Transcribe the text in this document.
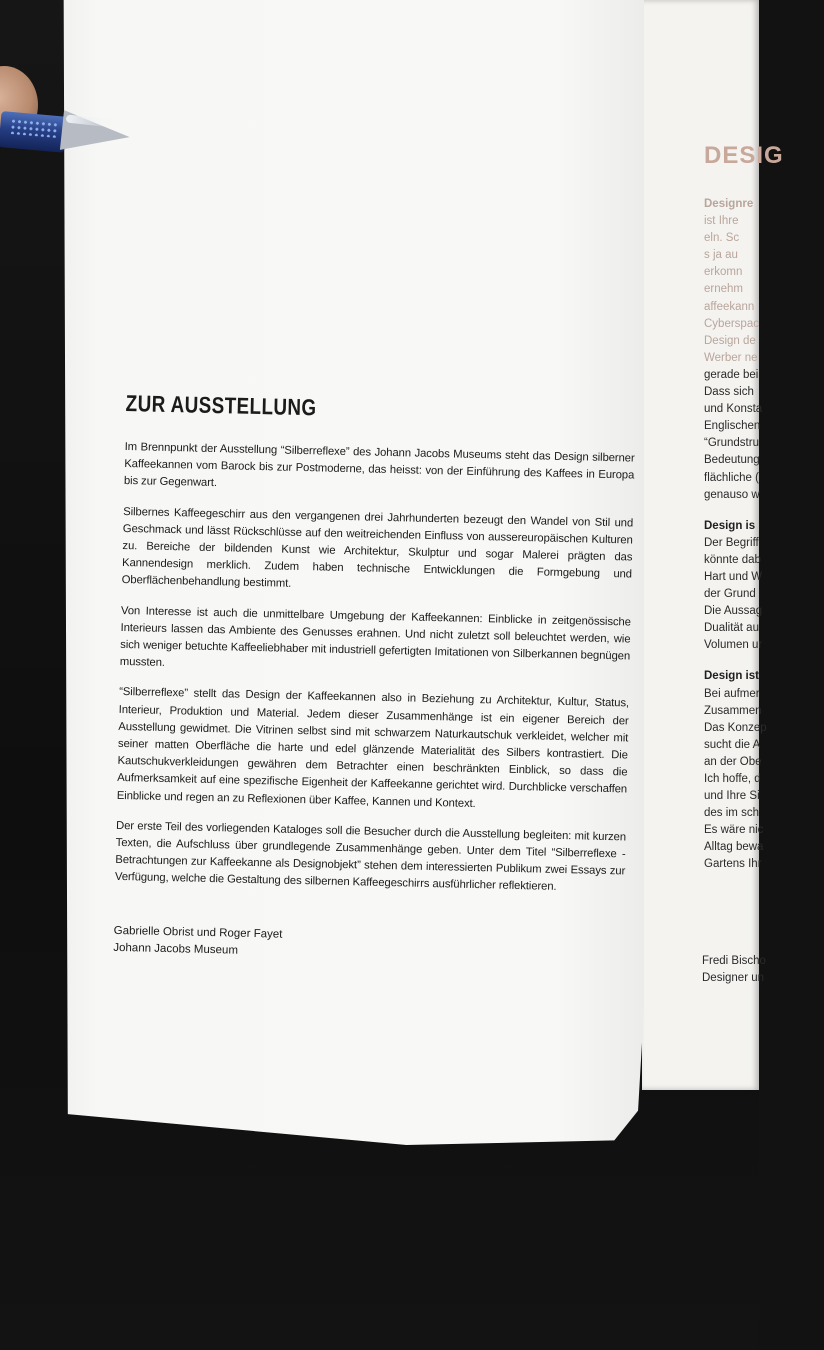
DESIG
Designre
ist Ihre
eln. Sc
s ja au
erkomn
ernehm
affeekann
Cyberspac
Design de
Werber ne
gerade bei
Dass sich
und Konsta
Englischen
“Grundstru
Bedeutung
flächliche (
genauso w
Design is
Der Begriff
könnte dab
Hart und W
der Grund
Die Aussag
Dualität au
Volumen ur
Design ist
Bei aufmer
Zusammen
Das Konzep
sucht die A
an der Obe
Ich hoffe, d
und Ihre Si
des im sch
Es wäre nic
Alltag bewa
Gartens Ihr
Fredi Bischo
Designer un
ZUR AUSSTELLUNG

Im Brennpunkt der Ausstellung “Silberreflexe” des Johann Jacobs Museums steht das Design silberner Kaffeekannen vom Barock bis zur Postmoderne, das heisst: von der Einführung des Kaffees in Europa bis zur Gegenwart.

Silbernes Kaffeegeschirr aus den vergangenen drei Jahrhunderten bezeugt den Wandel von Stil und Geschmack und lässt Rückschlüsse auf den weitreichenden Einfluss von aussereuropäischen Kulturen zu. Bereiche der bildenden Kunst wie Architektur, Skulptur und sogar Malerei prägten das Kannendesign merklich. Zudem haben technische Entwicklungen die Formgebung und Oberflächenbehandlung bestimmt.

Von Interesse ist auch die unmittelbare Umgebung der Kaffeekannen: Einblicke in zeitgenössische Interieurs lassen das Ambiente des Genusses erahnen. Und nicht zuletzt soll beleuchtet werden, wie sich weniger betuchte Kaffeeliebhaber mit industriell gefertigten Imitationen von Silberkannen begnügen mussten.

“Silberreflexe” stellt das Design der Kaffeekannen also in Beziehung zu Architektur, Kultur, Status, Interieur, Produktion und Material. Jedem dieser Zusammenhänge ist ein eigener Bereich der Ausstellung gewidmet. Die Vitrinen selbst sind mit schwarzem Naturkautschuk verkleidet, welcher mit seiner matten Oberfläche die harte und edel glänzende Materialität des Silbers kontrastiert. Die Kautschukverkleidungen gewähren dem Betrachter einen beschränkten Einblick, so dass die Aufmerksamkeit auf eine spezifische Eigenheit der Kaffeekanne gerichtet wird. Durchblicke verschaffen Einblicke und regen an zu Reflexionen über Kaffee, Kannen und Kontext.

Der erste Teil des vorliegenden Kataloges soll die Besucher durch die Ausstellung begleiten: mit kurzen Texten, die Aufschluss über grundlegende Zusammenhänge geben. Unter dem Titel “Silberreflexe - Betrachtungen zur Kaffeekanne als Designobjekt” stehen dem interessierten Publikum zwei Essays zur Verfügung, welche die Gestaltung des silbernen Kaffeegeschirrs ausführlicher reflektieren.

Gabrielle Obrist und Roger Fayet
Johann Jacobs Museum
